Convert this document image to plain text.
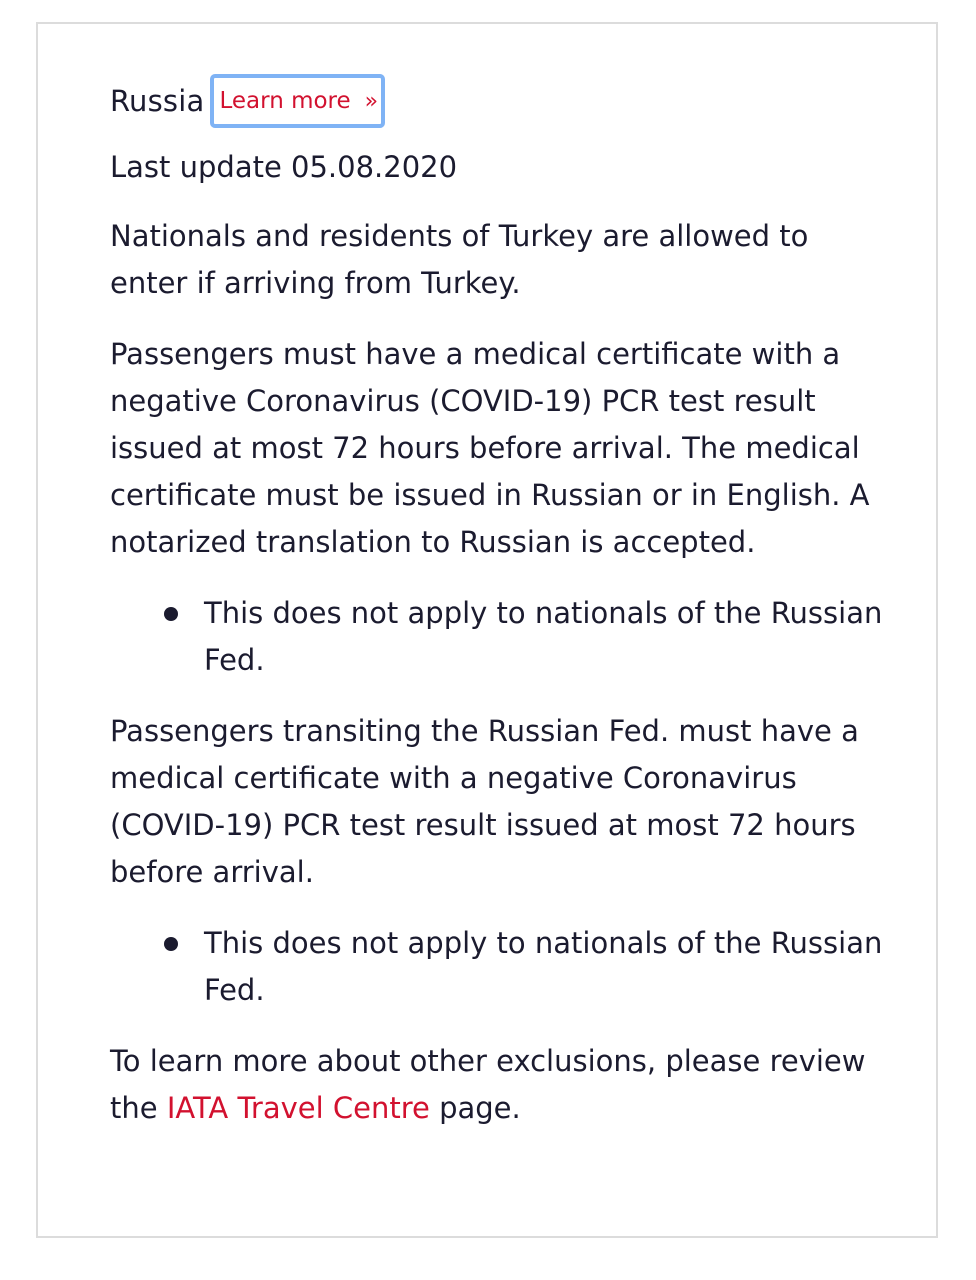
Russia Learn more »

Last update 05.08.2020

Nationals and residents of Turkey are allowed to enter if arriving from Turkey.

Passengers must have a medical certificate with a negative Coronavirus (COVID-19) PCR test result issued at most 72 hours before arrival. The medical certificate must be issued in Russian or in English. A notarized translation to Russian is accepted.

This does not apply to nationals of the Russian Fed.

Passengers transiting the Russian Fed. must have a medical certificate with a negative Coronavirus (COVID-19) PCR test result issued at most 72 hours before arrival.

This does not apply to nationals of the Russian Fed.

To learn more about other exclusions, please review the IATA Travel Centre page.
